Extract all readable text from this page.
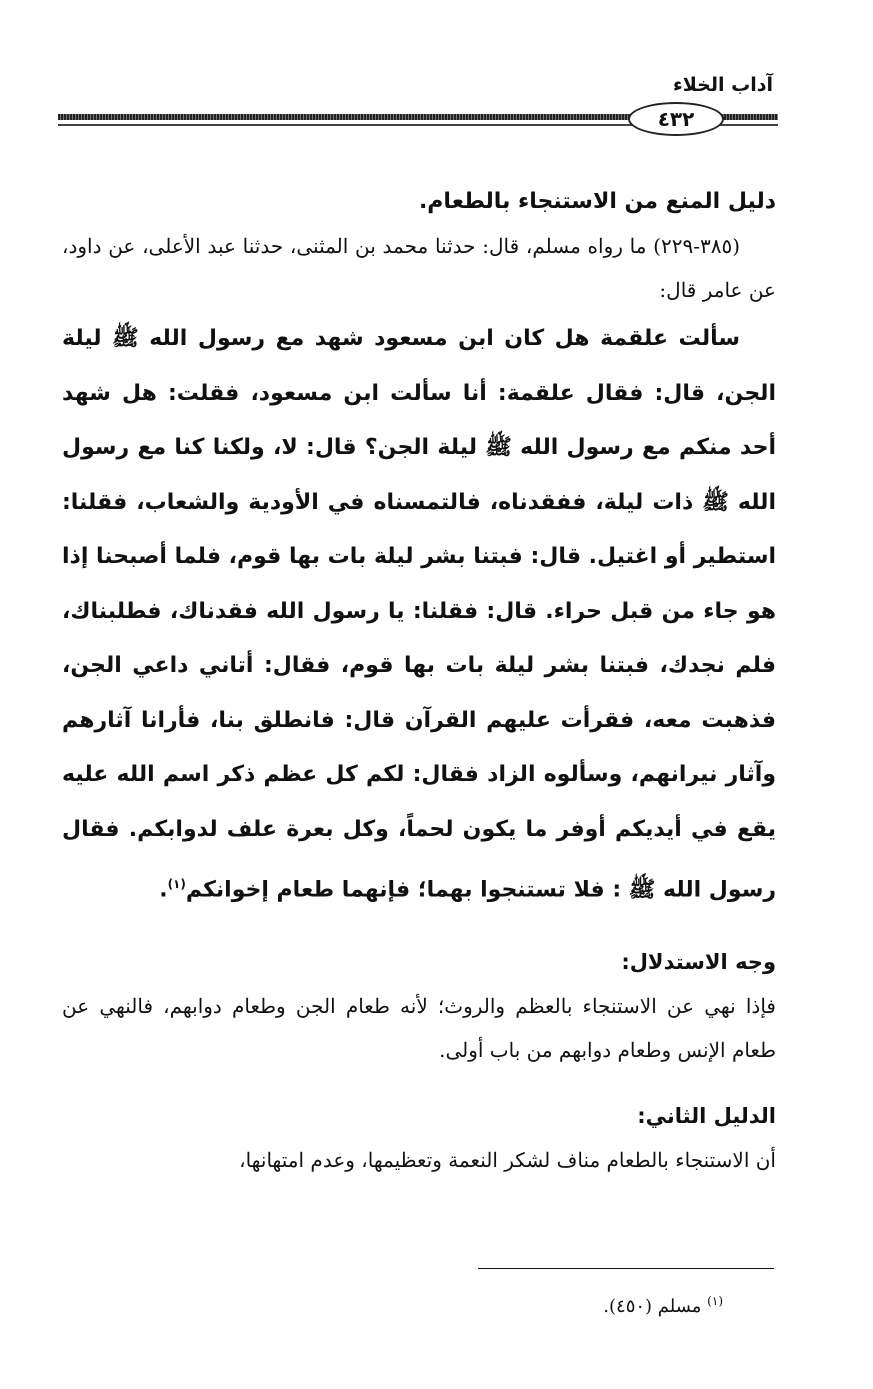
آداب الخلاء
٤٣٢

دليل المنع من الاستنجاء بالطعام.

(٣٨٥-٢٢٩) ما رواه مسلم، قال: حدثنا محمد بن المثنى، حدثنا عبد الأعلى، عن داود، عن عامر قال:

سألت علقمة هل كان ابن مسعود شهد مع رسول الله ﷺ ليلة الجن، قال: فقال علقمة: أنا سألت ابن مسعود، فقلت: هل شهد أحد منكم مع رسول الله ﷺ ليلة الجن؟ قال: لا، ولكنا كنا مع رسول الله ﷺ ذات ليلة، ففقدناه، فالتمسناه في الأودية والشعاب، فقلنا: استطير أو اغتيل. قال: فبتنا بشر ليلة بات بها قوم، فلما أصبحنا إذا هو جاء من قبل حراء. قال: فقلنا: يا رسول الله فقدناك، فطلبناك، فلم نجدك، فبتنا بشر ليلة بات بها قوم، فقال: أتاني داعي الجن، فذهبت معه، فقرأت عليهم القرآن قال: فانطلق بنا، فأرانا آثارهم وآثار نيرانهم، وسألوه الزاد فقال: لكم كل عظم ذكر اسم الله عليه يقع في أيديكم أوفر ما يكون لحماً، وكل بعرة علف لدوابكم. فقال رسول الله ﷺ : فلا تستنجوا بهما؛ فإنهما طعام إخوانكم$^{(١)}$.

وجه الاستدلال:

فإذا نهي عن الاستنجاء بالعظم والروث؛ لأنه طعام الجن وطعام دوابهم، فالنهي عن طعام الإنس وطعام دوابهم من باب أولى.

الدليل الثاني:

أن الاستنجاء بالطعام مناف لشكر النعمة وتعظيمها، وعدم امتهانها،

$^{(١)}$ مسلم (٤٥٠).
